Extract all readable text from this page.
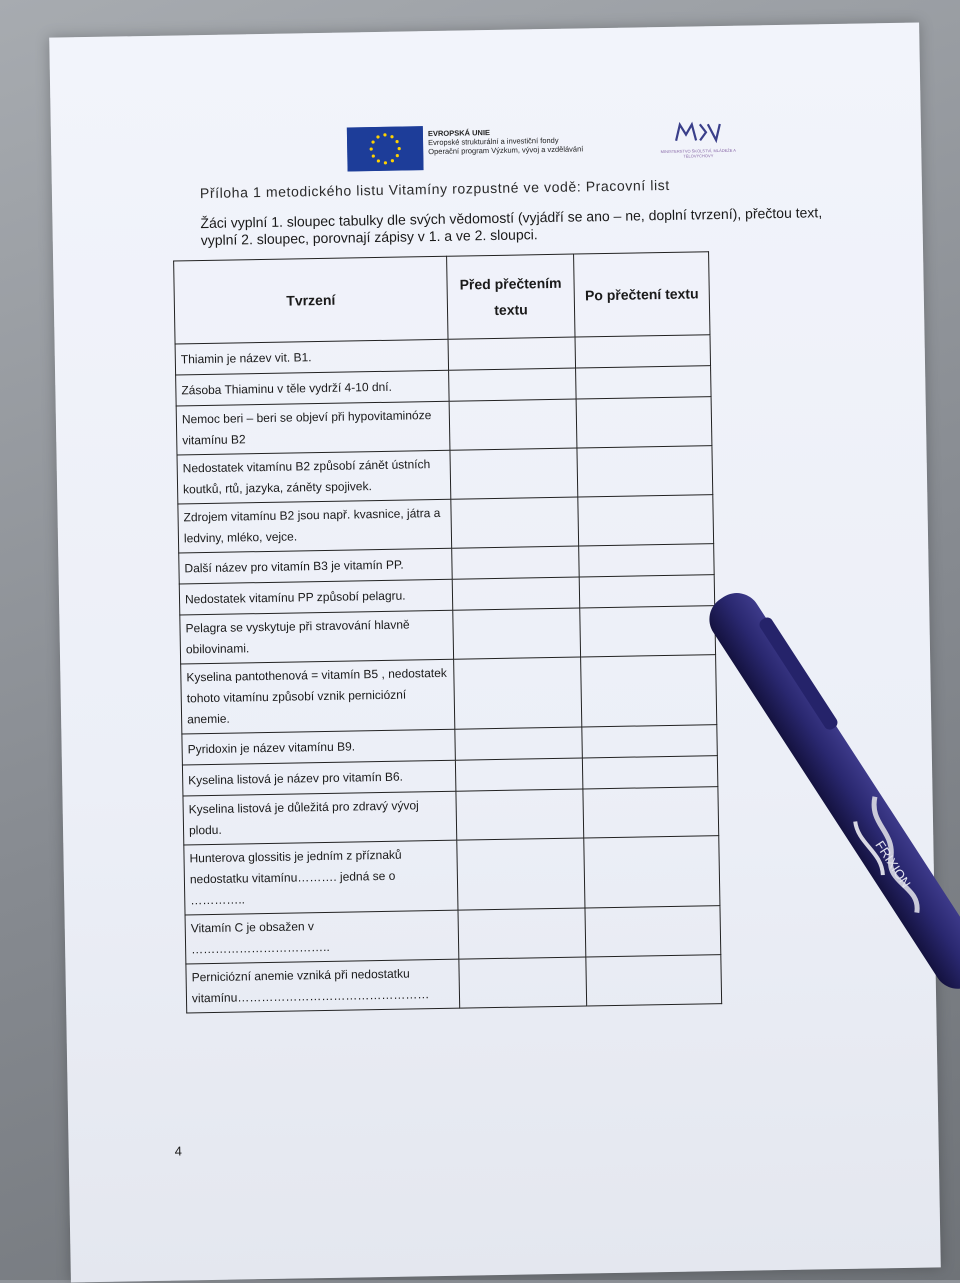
EVROPSKÁ UNIE
Evropské strukturální a investiční fondy
Operační program Výzkum, vývoj a vzdělávání	MINISTERSTVO ŠKOLSTVÍ, MLÁDEŽE A TĚLOVÝCHOVY
Příloha 1 metodického listu Vitamíny rozpustné ve vodě: Pracovní list
Žáci vyplní 1. sloupec tabulky dle svých vědomostí (vyjádří se ano – ne, doplní tvrzení), přečtou text, vyplní 2. sloupec, porovnají zápisy v 1. a ve 2. sloupci.
Tvrzení	Před přečtením textu	Po přečtení textu
Thiamin je název vit. B1.		
Zásoba Thiaminu v těle vydrží 4-10 dní.		
Nemoc beri – beri se objeví při hypovitaminóze vitamínu B2		
Nedostatek vitamínu B2 způsobí zánět ústních koutků, rtů, jazyka, záněty spojivek.		
Zdrojem vitamínu B2 jsou např. kvasnice, játra a ledviny, mléko, vejce.		
Další název pro vitamín B3 je vitamín PP.		
Nedostatek vitamínu PP způsobí pelagru.		
Pelagra se vyskytuje při stravování hlavně obilovinami.		
Kyselina pantothenová = vitamín B5 , nedostatek tohoto vitamínu způsobí vznik perniciózní anemie.		
Pyridoxin je název vitamínu B9.		
Kyselina listová je název pro vitamín B6.		
Kyselina listová je důležitá pro zdravý vývoj plodu.		
Hunterova glossitis je jedním z příznaků nedostatku vitamínu………. jedná se o …………..		
Vitamín C je obsažen v ……………………………..		
Perniciózní anemie vzniká při nedostatku vitamínu…………………………………………		
4
FRIXION
